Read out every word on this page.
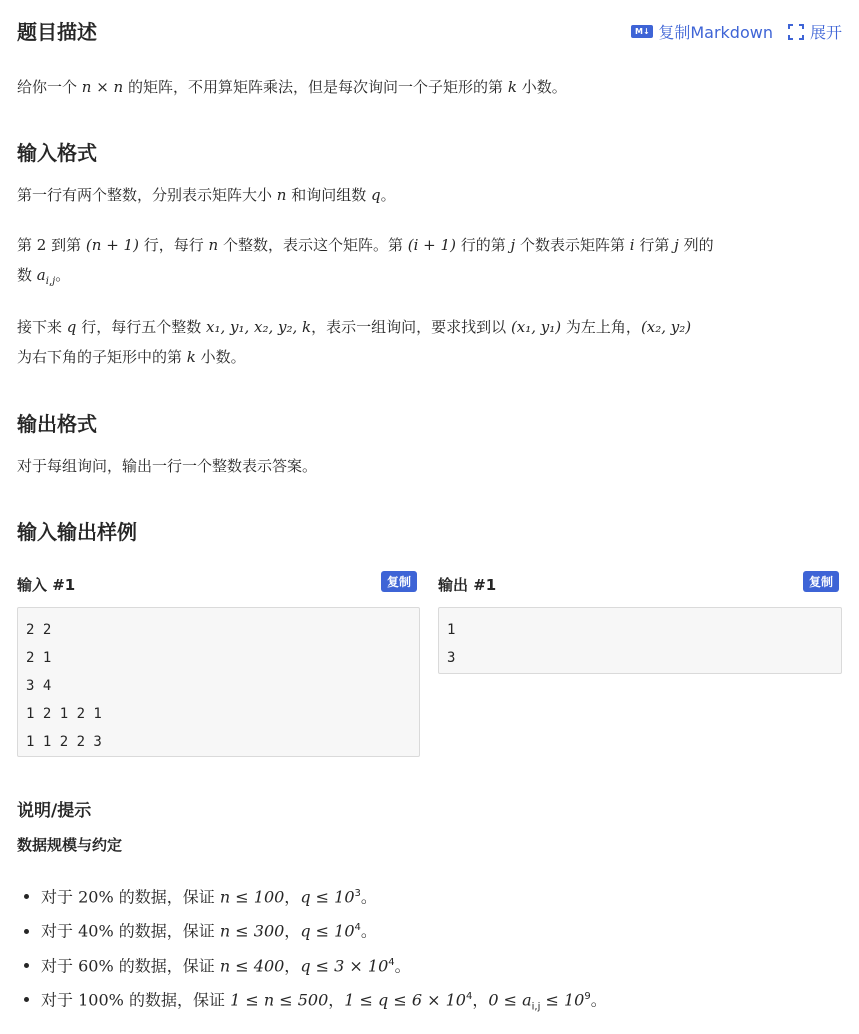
题目描述	M↓ 复制Markdown 展开

给你一个 n × n 的矩阵，不用算矩阵乘法，但是每次询问一个子矩形的第 k 小数。

输入格式

第一行有两个整数，分别表示矩阵大小 n 和询问组数 q。

第 2 到第 (n + 1) 行，每行 n 个整数，表示这个矩阵。第 (i + 1) 行的第 j 个数表示矩阵第 i 行第 j 列的
数 $a_{i,j}$。

接下来 q 行，每行五个整数 x₁, y₁, x₂, y₂, k，表示一组询问，要求找到以 (x₁, y₁) 为左上角，(x₂, y₂)
为右下角的子矩形中的第 k 小数。

输出格式

对于每组询问，输出一行一个整数表示答案。

输入输出样例
输入 #1	复制
2 2
2 1
3 4
1 2 1 2 1
1 1 2 2 3
输出 #1	复制
1
3
说明/提示
数据规模与约定
• 对于 20% 的数据，保证 n ≤ 100，$q \le 10^3$。
• 对于 40% 的数据，保证 n ≤ 300，$q \le 10^4$。
• 对于 60% 的数据，保证 n ≤ 400，$q \le 3 \times 10^4$。
• 对于 100% 的数据，保证 1 ≤ n ≤ 500，$1 \le q \le 6 \times 10^4$，$0 \le a_{i,j} \le 10^9$。
